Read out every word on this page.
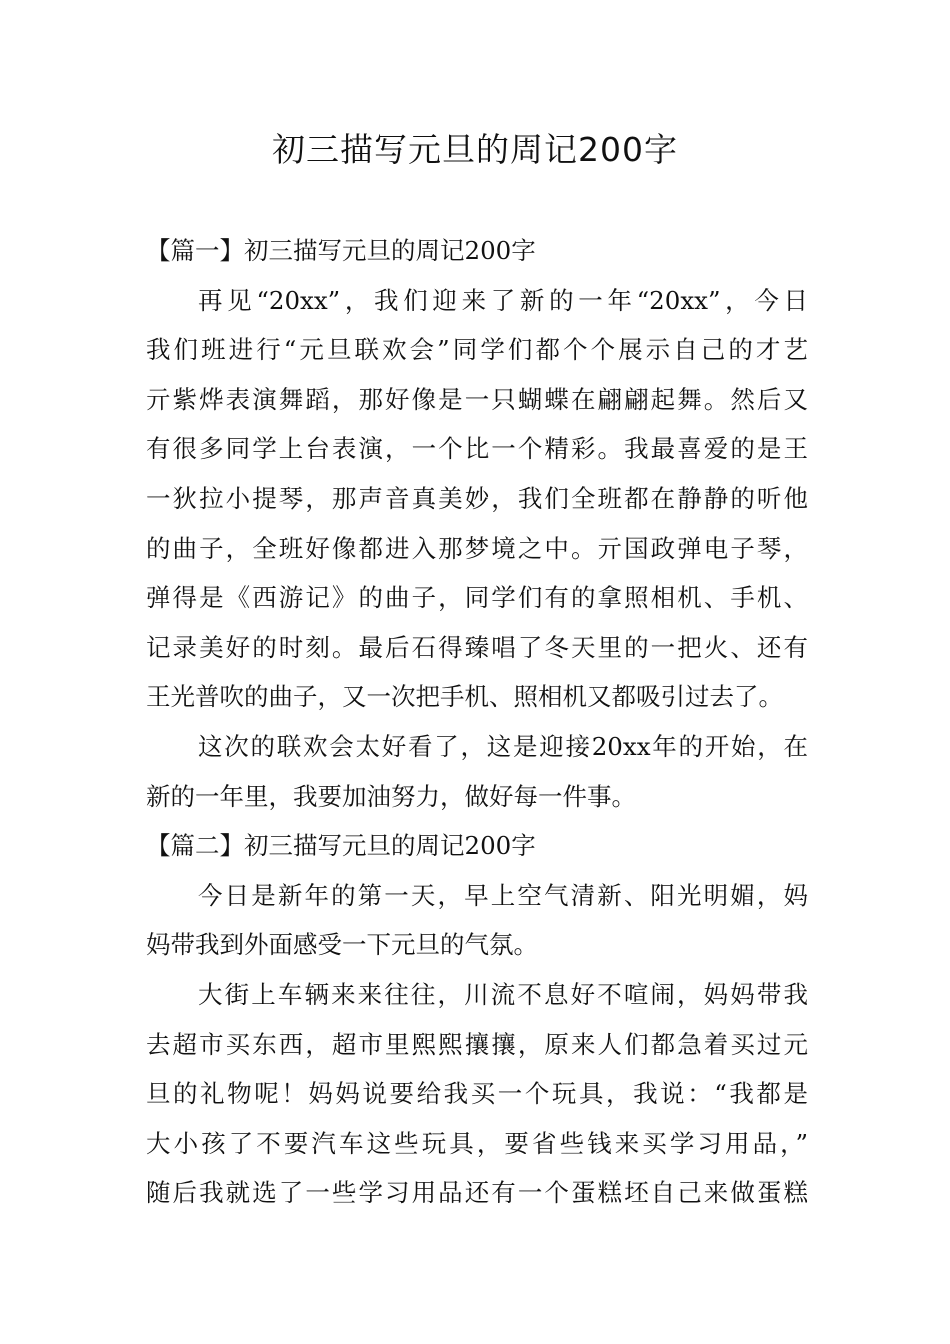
初三描写元旦的周记200字
【篇一】初三描写元旦的周记200字
再见“20xx”，我们迎来了新的一年“20xx”，今日
我们班进行“元旦联欢会”同学们都个个展示自己的才艺
亓紫烨表演舞蹈，那好像是一只蝴蝶在翩翩起舞。然后又
有很多同学上台表演，一个比一个精彩。我最喜爱的是王
一狄拉小提琴，那声音真美妙，我们全班都在静静的听他
的曲子，全班好像都进入那梦境之中。亓国政弹电子琴，
弹得是《西游记》的曲子，同学们有的拿照相机、手机、
记录美好的时刻。最后石得臻唱了冬天里的一把火、还有
王光普吹的曲子，又一次把手机、照相机又都吸引过去了。
这次的联欢会太好看了，这是迎接20xx年的开始，在
新的一年里，我要加油努力，做好每一件事。
【篇二】初三描写元旦的周记200字
今日是新年的第一天，早上空气清新、阳光明媚，妈
妈带我到外面感受一下元旦的气氛。
大街上车辆来来往往，川流不息好不喧闹，妈妈带我
去超市买东西，超市里熙熙攘攘，原来人们都急着买过元
旦的礼物呢！妈妈说要给我买一个玩具，我说：“我都是
大小孩了不要汽车这些玩具，要省些钱来买学习用品，”
随后我就选了一些学习用品还有一个蛋糕坯自己来做蛋糕
